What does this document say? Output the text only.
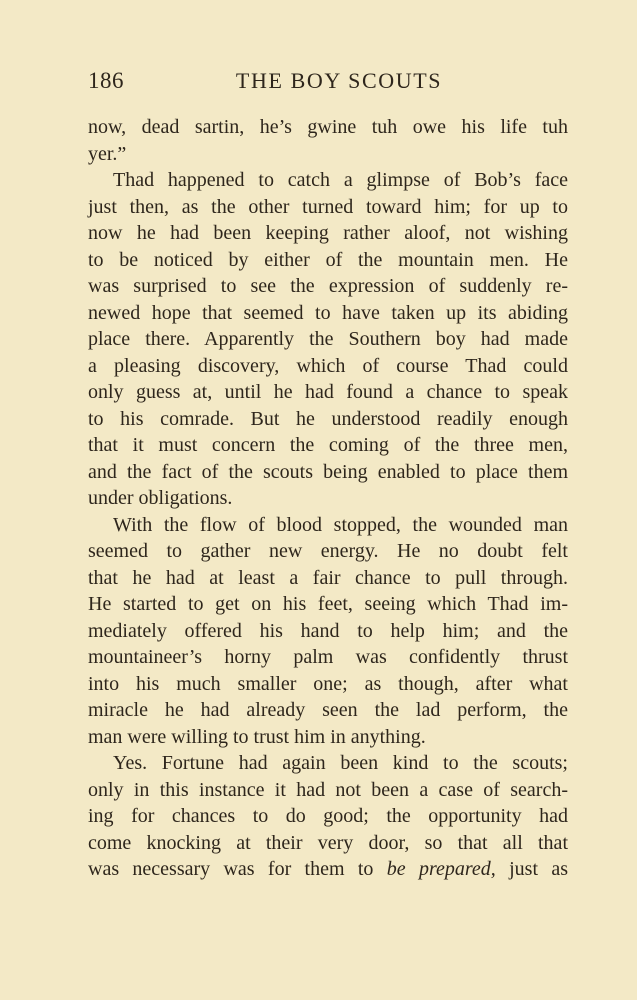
186	THE BOY SCOUTS
now, dead sartin, he’s gwine tuh owe his life tuh
yer.”
Thad happened to catch a glimpse of Bob’s face
just then, as the other turned toward him; for up to
now he had been keeping rather aloof, not wishing
to be noticed by either of the mountain men. He
was surprised to see the expression of suddenly re-
newed hope that seemed to have taken up its abiding
place there. Apparently the Southern boy had made
a pleasing discovery, which of course Thad could
only guess at, until he had found a chance to speak
to his comrade. But he understood readily enough
that it must concern the coming of the three men,
and the fact of the scouts being enabled to place them
under obligations.
With the flow of blood stopped, the wounded man
seemed to gather new energy. He no doubt felt
that he had at least a fair chance to pull through.
He started to get on his feet, seeing which Thad im-
mediately offered his hand to help him; and the
mountaineer’s horny palm was confidently thrust
into his much smaller one; as though, after what
miracle he had already seen the lad perform, the
man were willing to trust him in anything.
Yes. Fortune had again been kind to the scouts;
only in this instance it had not been a case of search-
ing for chances to do good; the opportunity had
come knocking at their very door, so that all that
was necessary was for them to be prepared, just as
